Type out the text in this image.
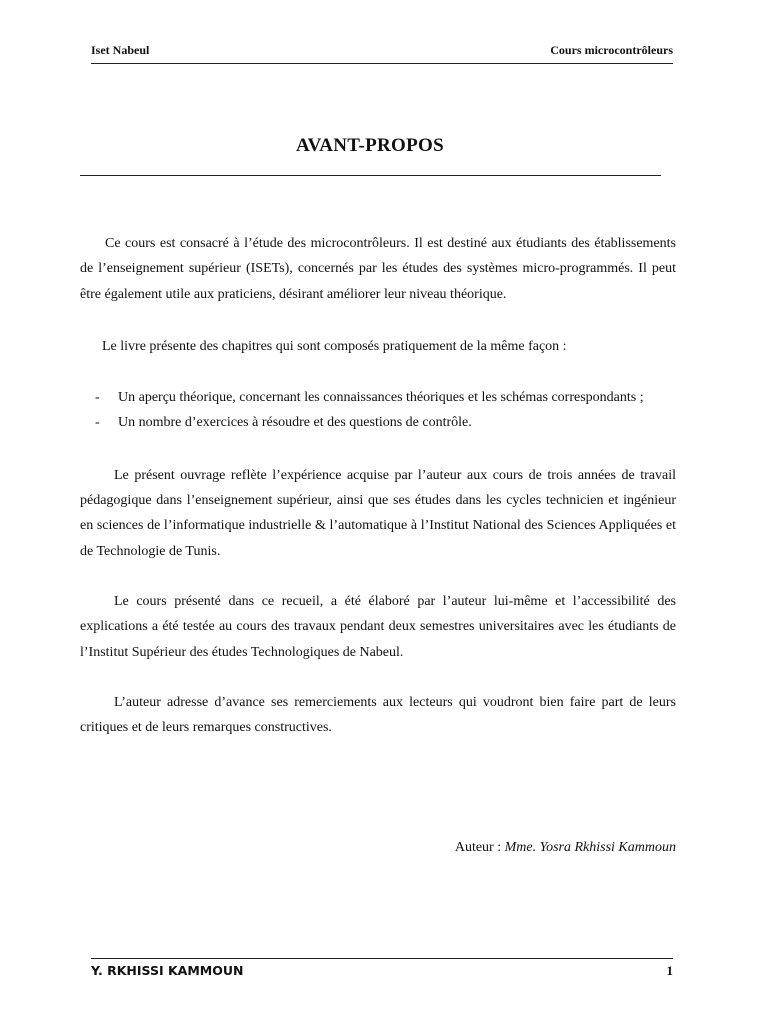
Iset Nabeul	Cours microcontrôleurs
AVANT-PROPOS

Ce cours est consacré à l’étude des microcontrôleurs. Il est destiné aux étudiants des établissements de l’enseignement supérieur (ISETs), concernés par les études des systèmes micro-programmés. Il peut être également utile aux praticiens, désirant améliorer leur niveau théorique.

Le livre présente des chapitres qui sont composés pratiquement de la même façon :

- Un aperçu théorique, concernant les connaissances théoriques et les schémas correspondants ;
- Un nombre d’exercices à résoudre et des questions de contrôle.

Le présent ouvrage reflète l’expérience acquise par l’auteur aux cours de trois années de travail pédagogique dans l’enseignement supérieur, ainsi que ses études dans les cycles technicien et ingénieur en sciences de l’informatique industrielle & l’automatique à l’Institut National des Sciences Appliquées et de Technologie de Tunis.

Le cours présenté dans ce recueil, a été élaboré par l’auteur lui-même et l’accessibilité des explications a été testée au cours des travaux pendant deux semestres universitaires avec les étudiants de l’Institut Supérieur des études Technologiques de Nabeul.

L’auteur adresse d’avance ses remerciements aux lecteurs qui voudront bien faire part de leurs critiques et de leurs remarques constructives.

Auteur : Mme. Yosra Rkhissi Kammoun
Y. RKHISSI KAMMOUN	1
